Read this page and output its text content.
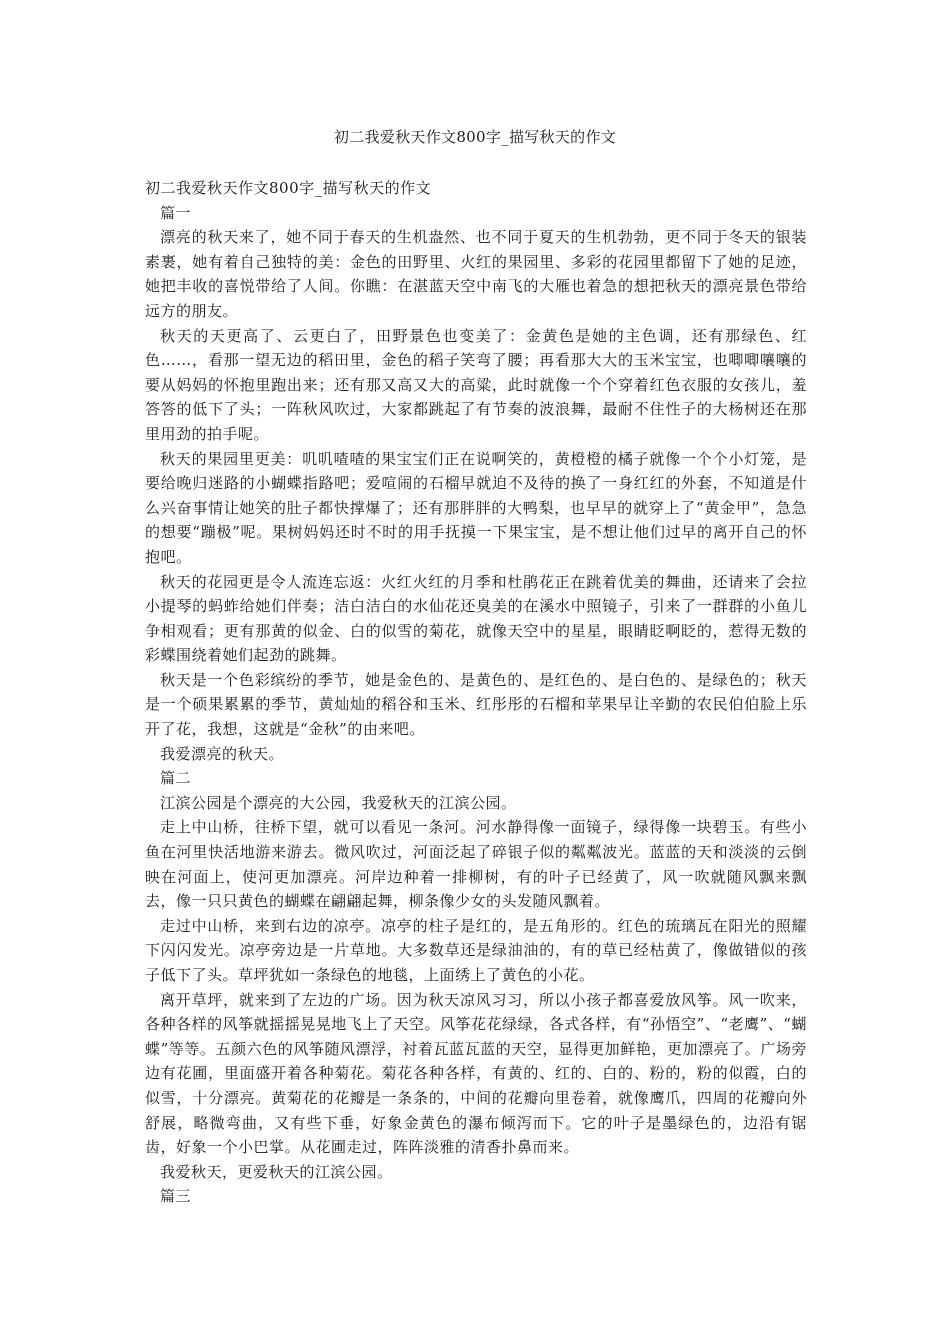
初二我爱秋天作文800字_描写秋天的作文

初二我爱秋天作文800字_描写秋天的作文

篇一

漂亮的秋天来了，她不同于春天的生机盎然、也不同于夏天的生机勃勃，更不同于冬天的银装素裹，她有着自己独特的美：金色的田野里、火红的果园里、多彩的花园里都留下了她的足迹，她把丰收的喜悦带给了人间。你瞧：在湛蓝天空中南飞的大雁也着急的想把秋天的漂亮景色带给远方的朋友。

秋天的天更高了、云更白了，田野景色也变美了：金黄色是她的主色调，还有那绿色、红色……，看那一望无边的稻田里，金色的稻子笑弯了腰；再看那大大的玉米宝宝，也唧唧嚷嚷的要从妈妈的怀抱里跑出来；还有那又高又大的高粱，此时就像一个个穿着红色衣服的女孩儿，羞答答的低下了头；一阵秋风吹过，大家都跳起了有节奏的波浪舞，最耐不住性子的大杨树还在那里用劲的拍手呢。

秋天的果园里更美：叽叽喳喳的果宝宝们正在说啊笑的，黄橙橙的橘子就像一个个小灯笼，是要给晚归迷路的小蝴蝶指路吧；爱喧闹的石榴早就迫不及待的换了一身红红的外套，不知道是什么兴奋事情让她笑的肚子都快撑爆了；还有那胖胖的大鸭梨，也早早的就穿上了“黄金甲”，急急的想要“蹦极”呢。果树妈妈还时不时的用手抚摸一下果宝宝，是不想让他们过早的离开自己的怀抱吧。

秋天的花园更是令人流连忘返：火红火红的月季和杜鹃花正在跳着优美的舞曲，还请来了会拉小提琴的蚂蚱给她们伴奏；洁白洁白的水仙花还臭美的在溪水中照镜子，引来了一群群的小鱼儿争相观看；更有那黄的似金、白的似雪的菊花，就像天空中的星星，眼睛眨啊眨的，惹得无数的彩蝶围绕着她们起劲的跳舞。

秋天是一个色彩缤纷的季节，她是金色的、是黄色的、是红色的、是白色的、是绿色的；秋天是一个硕果累累的季节，黄灿灿的稻谷和玉米、红彤彤的石榴和苹果早让辛勤的农民伯伯脸上乐开了花，我想，这就是“金秋”的由来吧。

我爱漂亮的秋天。

篇二

江滨公园是个漂亮的大公园，我爱秋天的江滨公园。

走上中山桥，往桥下望，就可以看见一条河。河水静得像一面镜子，绿得像一块碧玉。有些小鱼在河里快活地游来游去。微风吹过，河面泛起了碎银子似的粼粼波光。蓝蓝的天和淡淡的云倒映在河面上，使河更加漂亮。河岸边种着一排柳树，有的叶子已经黄了，风一吹就随风飘来飘去，像一只只黄色的蝴蝶在翩翩起舞，柳条像少女的头发随风飘着。

走过中山桥，来到右边的凉亭。凉亭的柱子是红的，是五角形的。红色的琉璃瓦在阳光的照耀下闪闪发光。凉亭旁边是一片草地。大多数草还是绿油油的，有的草已经枯黄了，像做错似的孩子低下了头。草坪犹如一条绿色的地毯，上面绣上了黄色的小花。

离开草坪，就来到了左边的广场。因为秋天凉风习习，所以小孩子都喜爱放风筝。风一吹来，各种各样的风筝就摇摇晃晃地飞上了天空。风筝花花绿绿，各式各样，有“孙悟空”、“老鹰”、“蝴蝶”等等。五颜六色的风筝随风漂浮，衬着瓦蓝瓦蓝的天空，显得更加鲜艳，更加漂亮了。广场旁边有花圃，里面盛开着各种菊花。菊花各种各样，有黄的、红的、白的、粉的，粉的似霞，白的似雪，十分漂亮。黄菊花的花瓣是一条条的，中间的花瓣向里卷着，就像鹰爪，四周的花瓣向外舒展，略微弯曲，又有些下垂，好象金黄色的瀑布倾泻而下。它的叶子是墨绿色的，边沿有锯齿，好象一个小巴掌。从花圃走过，阵阵淡雅的清香扑鼻而来。

我爱秋天，更爱秋天的江滨公园。

篇三
